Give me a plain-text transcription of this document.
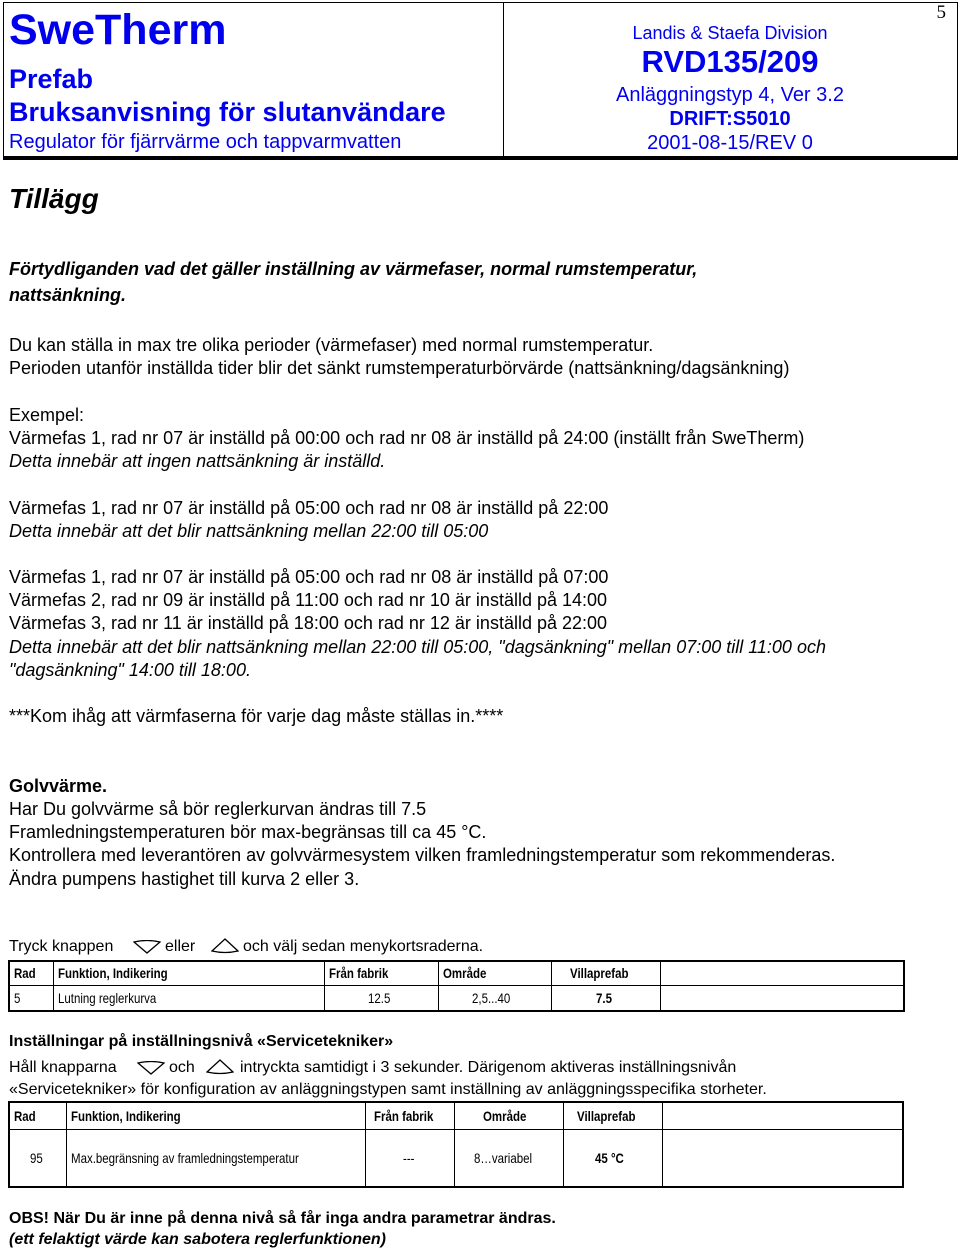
SweTherm
Prefab
Bruksanvisning för slutanvändare
Regulator för fjärrvärme och tappvarmvatten
Landis & Staefa Division
RVD135/209
Anläggningstyp 4, Ver 3.2
DRIFT:S5010
2001-08-15/REV 0
5
Tillägg
Förtydliganden vad det gäller inställning av värmefaser, normal rumstemperatur,
nattsänkning.
Du kan ställa in max tre olika perioder (värmefaser) med normal rumstemperatur.
Perioden utanför inställda tider blir det sänkt rumstemperaturbörvärde (nattsänkning/dagsänkning)
Exempel:
Värmefas 1, rad nr 07 är inställd på 00:00 och rad nr 08 är inställd på 24:00 (inställt från SweTherm)
Detta innebär att ingen nattsänkning är inställd.
Värmefas 1, rad nr 07 är inställd på 05:00 och rad nr 08 är inställd på 22:00
Detta innebär att det blir nattsänkning mellan 22:00 till 05:00
Värmefas 1, rad nr 07 är inställd på 05:00 och rad nr 08 är inställd på 07:00
Värmefas 2, rad nr 09 är inställd på 11:00 och rad nr 10 är inställd på 14:00
Värmefas 3, rad nr 11 är inställd på 18:00 och rad nr 12 är inställd på 22:00
Detta innebär att det blir nattsänkning mellan 22:00 till 05:00, "dagsänkning" mellan 07:00 till 11:00 och
"dagsänkning" 14:00 till 18:00.
***Kom ihåg att värmfaserna för varje dag måste ställas in.****
Golvvärme.
Har Du golvvärme så bör reglerkurvan ändras till 7.5
Framledningstemperaturen bör max-begränsas till ca 45 °C.
Kontrollera med leverantören av golvvärmesystem vilken framledningstemperatur som rekommenderas.
Ändra pumpens hastighet till kurva 2 eller 3.
Tryck knappen	eller	och välj sedan menykortsraderna.
Rad	Funktion, Indikering	Från fabrik	Område	Villaprefab	
5	Lutning reglerkurva	12.5	2,5...40	7.5	
Inställningar på inställningsnivå «Servicetekniker»
Håll knapparna	och	intryckta samtidigt i 3 sekunder. Därigenom aktiveras inställningsnivån
«Servicetekniker» för konfiguration av anläggningstypen samt inställning av anläggningsspecifika storheter.
Rad	Funktion, Indikering	Från fabrik	Område	Villaprefab	
95	Max.begränsning av framledningstemperatur	---	8…variabel	45 °C	
OBS! När Du är inne på denna nivå så får inga andra parametrar ändras.
(ett felaktigt värde kan sabotera reglerfunktionen)
